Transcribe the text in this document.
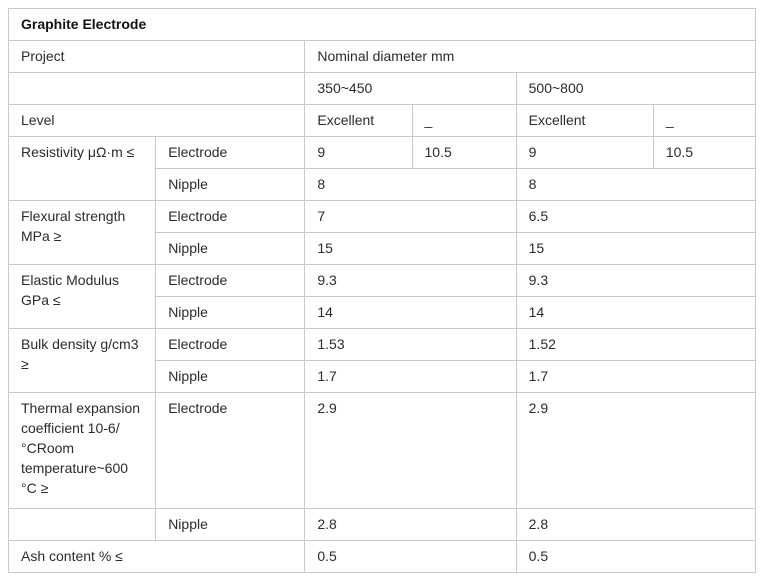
Graphite Electrode					
Project		Nominal diameter mm			
		350~450		500~800	
Level		Excellent	_	Excellent	_
Resistivity μΩ·m ≤	Electrode	9	10.5	9	10.5
	Nipple	8		8	
Flexural strength MPa ≥	Electrode	7		6.5	
	Nipple	15		15	
Elastic Modulus GPa ≤	Electrode	9.3		9.3	
	Nipple	14		14	
Bulk density g/cm3 ≥	Electrode	1.53		1.52	
	Nipple	1.7		1.7	
Thermal expansion coefficient 10-6/°CRoom temperature~600 °C ≥	Electrode	2.9		2.9	
	Nipple	2.8		2.8	
Ash content % ≤		0.5		0.5	
